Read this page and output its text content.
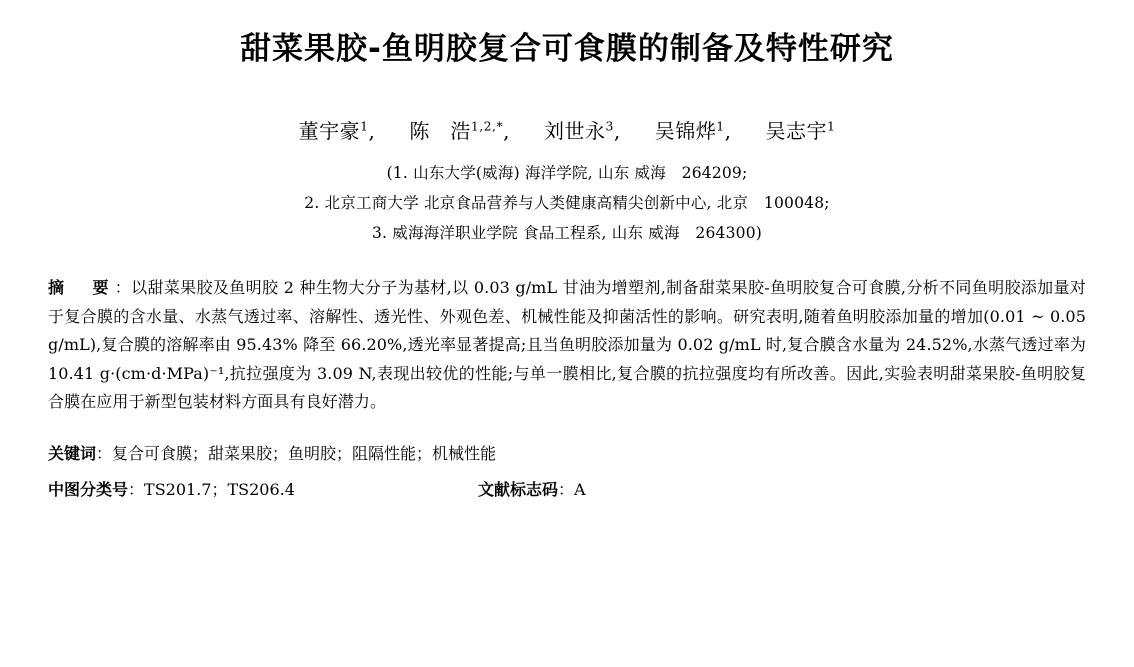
甜菜果胶-鱼明胶复合可食膜的制备及特性研究
董宇豪$^1$, 陈　浩$^{1,2,*}$, 刘世永$^3$, 吴锦烨$^1$, 吴志宇$^1$
(1. 山东大学(威海) 海洋学院, 山东 威海　264209;
2. 北京工商大学 北京食品营养与人类健康高精尖创新中心, 北京　100048;
3. 威海海洋职业学院 食品工程系, 山东 威海　264300)
摘　要：以甜菜果胶及鱼明胶 2 种生物大分子为基材,以 0.03 g/mL 甘油为增塑剂,制备甜菜果胶-鱼明胶复合可食膜,分析不同鱼明胶添加量对于复合膜的含水量、水蒸气透过率、溶解性、透光性、外观色差、机械性能及抑菌活性的影响。研究表明,随着鱼明胶添加量的增加(0.01 ~ 0.05 g/mL),复合膜的溶解率由 95.43% 降至 66.20%,透光率显著提高;且当鱼明胶添加量为 0.02 g/mL 时,复合膜含水量为 24.52%,水蒸气透过率为 10.41 g·(cm·d·MPa)⁻¹,抗拉强度为 3.09 N,表现出较优的性能;与单一膜相比,复合膜的抗拉强度均有所改善。因此,实验表明甜菜果胶-鱼明胶复合膜在应用于新型包装材料方面具有良好潜力。
关键词：复合可食膜；甜菜果胶；鱼明胶；阻隔性能；机械性能
中图分类号：TS201.7；TS206.4	文献标志码：A
